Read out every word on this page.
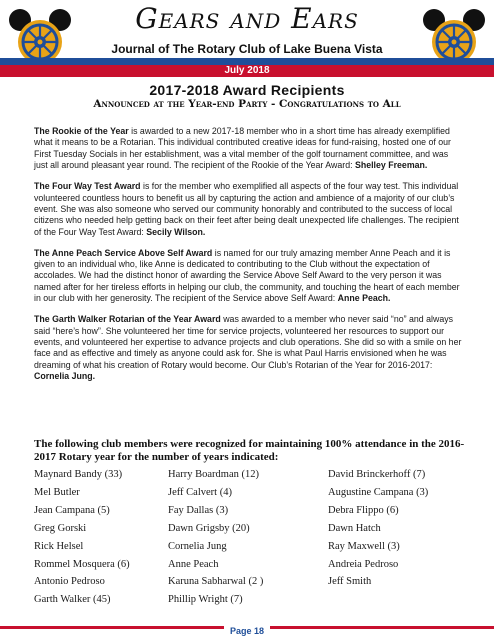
Gears and Ears
Journal of The Rotary Club of Lake Buena Vista
July 2018
2017-2018 Award Recipients
Announced at the Year-end Party - Congratulations to All

The Rookie of the Year is awarded to a new 2017-18 member who in a short time has already exemplified what it means to be a Rotarian. This individual contributed creative ideas for fund-raising, hosted one of our First Tuesday Socials in her establishment, was a vital member of the golf tournament committee, and was just all around pleasant year round. The recipient of the Rookie of the Year Award: Shelley Freeman.

The Four Way Test Award is for the member who exemplified all aspects of the four way test. This individual volunteered countless hours to benefit us all by capturing the action and ambience of a majority of our club’s event. She was also someone who served our community honorably and contributed to the success of local citizens who needed help getting back on their feet after being dealt unexpected life challenges. The recipient of the Four Way Test Award: Secily Wilson.

The Anne Peach Service Above Self Award is named for our truly amazing member Anne Peach and it is given to an individual who, like Anne is dedicated to contributing to the Club without the expectation of accolades. We had the distinct honor of awarding the Service Above Self Award to the very person it was named after for her tireless efforts in helping our club, the community, and touching the heart of each member in our club with her generosity. The recipient of the Service above Self Award: Anne Peach.

The Garth Walker Rotarian of the Year Award was awarded to a member who never said “no” and always said “here’s how”. She volunteered her time for service projects, volunteered her resources to support our events, and volunteered her expertise to advance projects and club operations. She did so with a smile on her face and as effective and timely as anyone could ask for. She is what Paul Harris envisioned when he was dreaming of what his creation of Rotary would become. Our Club’s Rotarian of the Year for 2016-2017: Cornelia Jung.

The following club members were recognized for maintaining 100% attendance in the 2016-2017 Rotary year for the number of years indicated:
Maynard Bandy (33)	Harry Boardman (12)	David Brinckerhoff (7)
Mel Butler	Jeff Calvert (4)	Augustine Campana (3)
Jean Campana (5)	Fay Dallas (3)	Debra Flippo (6)
Greg Gorski	Dawn Grigsby (20)	Dawn Hatch
Rick Helsel	Cornelia Jung	Ray Maxwell (3)
Rommel Mosquera (6)	Anne Peach	Andreia Pedroso
Antonio Pedroso	Karuna Sabharwal (2 )	Jeff Smith
Garth Walker (45)	Phillip Wright (7)
Page 18
